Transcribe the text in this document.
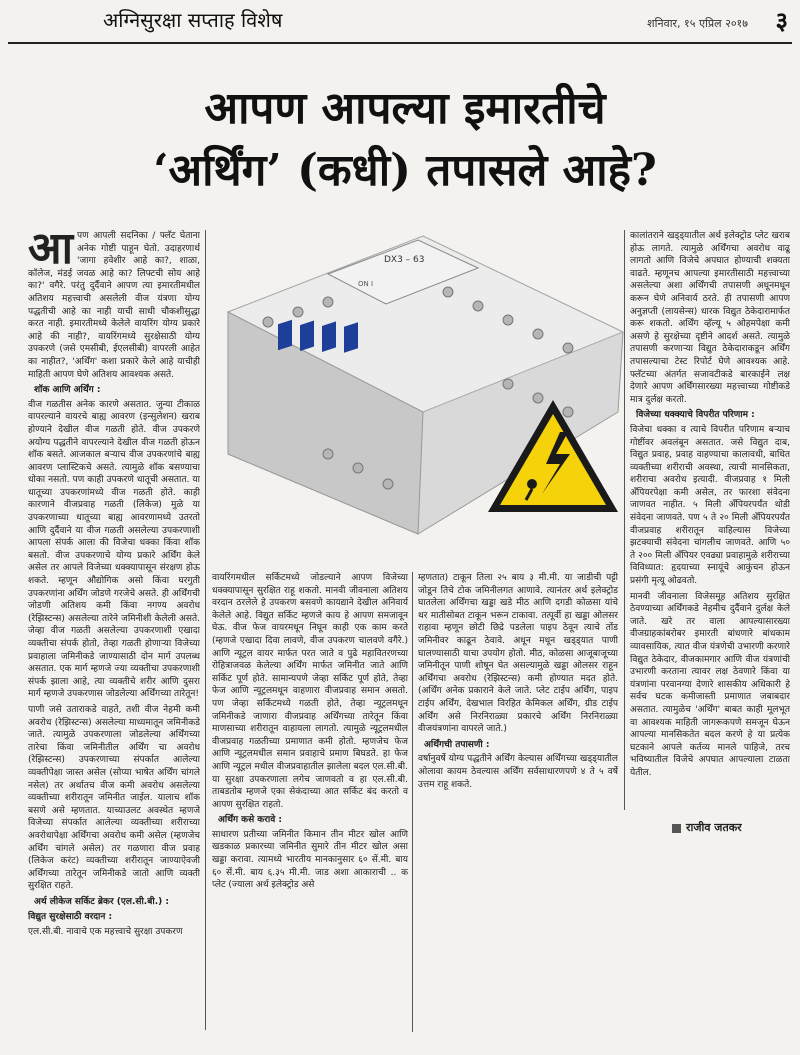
अग्निसुरक्षा सप्ताह विशेष	शनिवार, १५ एप्रिल २०१७ ३
आपण आपल्या इमारतीचे
‘अर्थिंग’ (कधी) तपासले आहे?

आपण आपली सदनिका / फ्लॅट घेताना अनेक गोष्टी पाहून घेतो. उदाहरणार्थ 'जागा हवेशीर आहे का?, शाळा, कॉलेज, मंडई जवळ आहे का? लिफ्टची सोय आहे का?' वगैरे. परंतु दुर्दैवाने आपण त्या इमारतीमधील अतिशय महत्त्वाची असलेली वीज यंत्रणा योग्य पद्धतीची आहे का नाही याची साधी चौकशीसुद्धा करत नाही. इमारतीमध्ये केलेले वायरिंग योग्य प्रकारे आहे की नाही?, वायरिंगमध्ये सुरक्षेसाठी योग्य उपकरणे (जसे एमसीबी, ईएलसीबी) वापरली आहेत का नाहीत?, 'अर्थिंग' कशा प्रकारे केले आहे याचीही माहिती आपण घेणे अतिशय आवश्यक असते.

शॉक आणि अर्थिंग :

वीज गळतीस अनेक कारणे असतात. जुन्या टीकाळ वापरल्याने वायरचे बाह्य आवरण (इन्सुलेशन) खराब होण्याने देखील वीज गळती होते. वीज उपकरणे अयोग्य पद्धतीने वापरल्याने देखील वीज गळती होऊन शॉक बसते. आजकाल बऱ्याच वीज उपकरणांचे बाह्य आवरण प्लास्टिकचे असते. त्यामुळे शॉक बसण्याचा धोका नसतो. पण काही उपकरणे धातूची असतात. या धातूच्या उपकरणांमध्ये वीज गळती होते. काही कारणाने वीजप्रवाह गळती (लिकेज) मुळे या उपकरणाच्या धातूच्या बाह्य आवरणामध्ये उतरतो आणि दुर्दैवाने या वीज गळती असलेल्या उपकरणाशी आपला संपर्क आला की विजेचा धक्का किंवा शॉक बसतो. वीज उपकरणाचे योग्य प्रकारे अर्थिंग केले असेल तर आपले विजेच्या धक्क्यापासून संरक्षण होऊ शकते. म्हणून औद्योगिक असो किंवा घरगुती उपकरणांना अर्थिंग जोडणे गरजेचे असते. ही अर्थिंगची जोडणी अतिशय कमी किंवा नगण्य अवरोध (रेझिस्टन्स) असलेल्या तारेने जमिनीशी केलेली असते. जेव्हा वीज गळती असलेल्या उपकरणाशी एखादा व्यक्तीचा संपर्क होतो, तेव्हा गळती होणाऱ्या विजेच्या प्रवाहाला जमिनीकडे जाण्यासाठी दोन मार्ग उपलब्ध असतात. एक मार्ग म्हणजे ज्या व्यक्तीचा उपकरणाशी संपर्क झाला आहे, त्या व्यक्तीचे शरीर आणि दुसरा मार्ग म्हणजे उपकरणास जोडलेल्या अर्थिंगच्या तारेतून!

पाणी जसे उताराकडे वाहते, तशी वीज नेहमी कमी अवरोध (रेझिस्टन्स) असलेल्या माध्यमातून जमिनीकडे जाते. त्यामुळे उपकरणाला जोडलेल्या अर्थिंगच्या तारेचा किंवा जमिनीतील अर्थिंग चा अवरोध (रेझिस्टन्स) उपकरणाच्या संपर्कात आलेल्या व्यक्तीपेक्षा जास्त असेल (सोप्या भाषेत अर्थिंग चांगले नसेल) तर अर्थातच वीज कमी अवरोध असलेल्या व्यक्तीच्या शरीरातून जमिनीत जाईल. यालाच शॉक बसणे असे म्हणतात. याच्याउलट अवस्थेत म्हणजे विजेच्या संपर्कात आलेल्या व्यक्तीच्या शरीराच्या अवरोधापेक्षा अर्थिंगचा अवरोध कमी असेल (म्हणजेच अर्थिंग चांगले असेल) तर गळणारा वीज प्रवाह (लिकेज करंट) व्यक्तीच्या शरीरातून जाण्याऐवजी अर्थिंगच्या तारेतून जमिनीकडे जातो आणि व्यक्ती सुरक्षित राहते.

अर्थ लीकेज सर्किट ब्रेकर (एल.सी.बी.) :
विद्युत सुरक्षेसाठी वरदान :

एल.सी.बी. नावाचे एक महत्त्वाचे सुरक्षा उपकरण

DX3 – 63
ON I

वायरिंगमधील सर्किटमध्ये जोडल्याने आपण विजेच्या धक्क्यापासून सुरक्षित राहू शकतो. मानवी जीवनाला अतिशय वरदान ठरलेले हे उपकरण बसवणे कायद्याने देखील अनिवार्य केलेले आहे. विद्युत सर्किट म्हणजे काय हे आपण समजावून घेऊ. वीज फेज वायरमधून निघून काही एक काम करते (म्हणजे एखादा दिवा लावणे, वीज उपकरण चालवणे वगैरे.) आणि न्यूट्रल वायर मार्फत परत जाते व पुढे महावितरणच्या रोहित्राजवळ केलेल्या अर्थिंग मार्फत जमिनीत जाते आणि सर्किट पूर्ण होते. सामान्यपणे जेव्हा सर्किट पूर्ण होते, तेव्हा फेज आणि न्यूट्रलमधून वाहणारा वीजप्रवाह समान असतो. पण जेव्हा सर्किटमध्ये गळती होते, तेव्हा न्यूट्रलमधून जमिनीकडे जाणारा वीजप्रवाह अर्थिंगच्या तारेतून किंवा माणसाच्या शरीरातून वाहायला लागतो. त्यामुळे न्यूट्रलमधील वीजप्रवाह गळतीच्या प्रमाणात कमी होतो. म्हणजेच फेज आणि न्यूट्रलमधील समान प्रवाहाचे प्रमाण बिघडते. हा फेज आणि न्यूट्रल मधील वीजप्रवाहातील झालेला बदल एल.सी.बी. या सुरक्षा उपकरणाला लगेच जाणवतो व हा एल.सी.बी. ताबडतोब म्हणजे एका सेकंदाच्या आत सर्किट बंद करतो व आपण सुरक्षित राहतो.

अर्थिंग कसे करावे :

साधारण प्रतीच्या जमिनीत किमान तीन मीटर खोल आणि खडकाळ प्रकारच्या जमिनीत सुमारे तीन मीटर खोल असा खड्डा करावा. त्यामध्ये भारतीय मानकानुसार ६० सें.मी. बाय ६० सें.मी. बाय ६.३५ मी.मी. जाड अशा आकाराची .. क प्लेट (ज्याला अर्थ इलेक्ट्रोड असे

म्हणतात) टाकून तिला २५ बाय ३ मी.मी. या जाडीची पट्टी जोडून तिचे टोक जमिनीलगत आणावे. त्यानंतर अर्थ इलेक्ट्रोड घातलेला अर्थिंगचा खड्डा खडे मीठ आणि दगडी कोळसा यांचे थर मातीसोबत टाकून भरून टाकावा. तत्पूर्वी हा खड्डा ओलसर राहावा म्हणून छोटी छिद्रे पडलेला पाइप ठेवून त्याचे तोंड जमिनीवर काढून ठेवावे. अधून मधून खड्ड्यात पाणी घालण्यासाठी याचा उपयोग होतो. मीठ, कोळसा आजूबाजूच्या जमिनीतून पाणी शोषून घेत असल्यामुळे खड्डा ओलसर राहून अर्थिंगचा अवरोध (रेझिस्टन्स) कमी होण्यात मदत होते. (अर्थिंग अनेक प्रकाराने केले जाते. प्लेट टाईप अर्थिंग, पाइप टाईप अर्थिंग, देखभाल विरहित केमिकल अर्थिंग, ग्रीड टाईप अर्थिंग असे निरनिराळ्या प्रकारचे अर्थिंग निरनिराळ्या वीजयंत्रणांना वापरले जाते.)

अर्थिंगची तपासणी :

वर्षानुवर्षे योग्य पद्धतीने अर्थिंग केल्यास अर्थिंगच्या खड्ड्यातील ओलावा कायम ठेवल्यास अर्थिंग सर्वसाधारणपणे ४ ते ५ वर्षे उत्तम राहू शकते.

कालांतराने खड्ड्यातील अर्थ इलेक्ट्रोड प्लेट खराब होऊ लागते. त्यामुळे अर्थिंगचा अवरोध वाढू लागतो आणि विजेचे अपघात होण्याची शक्यता वाढते. म्हणूनच आपल्या इमारतीसाठी महत्त्वाच्या असलेल्या अशा अर्थिंगची तपासणी अधूनमधून करून घेणे अनिवार्य ठरते. ही तपासणी आपण अनुज्ञप्ती (लायसेन्स) धारक विद्युत ठेकेदारामार्फत करू शकतो. अर्थिंग व्हॅल्यू ५ ओहमपेक्षा कमी असणे हे सुरक्षेच्या दृष्टीने आदर्श असते. त्यामुळे तपासणी करणाऱ्या विद्युत ठेकेदाराकडून अर्थिंग तपासल्याचा टेस्ट रिपोर्ट घेणे आवश्यक आहे. फ्लॅटच्या अंतर्गत सजावटीकडे बारकाईने लक्ष देणारे आपण अर्थिंगसारख्या महत्त्वाच्या गोष्टीकडे मात्र दुर्लक्ष करतो.

विजेच्या धक्क्याचे विपरीत परिणाम :

विजेचा धक्का व त्याचे विपरीत परिणाम बऱ्याच गोष्टींवर अवलंबून असतात. जसे विद्युत दाब, विद्युत प्रवाह, प्रवाह वाहण्याचा कालावधी, बाधित व्यक्तीच्या शरीराची अवस्था, त्याची मानसिकता, शरीराचा अवरोध इत्यादी. वीजप्रवाह १ मिली अँपियरपेक्षा कमी असेल, तर फारशा संवेदना जाणवत नाहीत. ५ मिली अँपियरपर्यंत थोडी संवेदना जाणवते. पण ५ ते २० मिली अँपियरपर्यंत वीजप्रवाह शरीरातून वाहिल्यास विजेच्या झटक्याची संवेदना चांगलीच जाणवते. आणि ५० ते २०० मिली अँपियर एवढ्या प्रवाहामुळे शरीराच्या विविध्यात: हृदयाच्या स्नायूंचे आकुंचन होऊन प्रसंगी मृत्यू ओढवतो.

मानवी जीवनाला विजेसमूह अतिशय सुरक्षित ठेवण्याच्या अर्थिंगकडे नेहमीच दुर्दैवाने दुर्लक्ष केले जाते. खरे तर वाला आपल्यासारख्या वीजग्राहकांबरोबर इमारती बांधणारे बांधकाम व्यावसायिक, त्यात वीज यंत्रणेची उभारणी करणारे विद्युत ठेकेदार, वीजकामगार आणि वीज यंत्रणांची उभारणी करताना त्यावर लक्ष ठेवणारे किंवा या यंत्रणांना परवानग्या देणारे शासकीय अधिकारी हे सर्वच घटक कमीजास्ती प्रमाणात जबाबदार असतात. त्यामुळेच 'अर्थिंग' बाबत काही मूलभूत वा आवश्यक माहिती जागरूकपणे समजून घेऊन आपल्या मानसिकतेत बदल करणे हे या प्रत्येक घटकाने आपले कर्तव्य मानले पाहिजे, तरच भविष्यातील विजेचे अपघात आपल्याला टाळता येतील.

राजीव जतकर
